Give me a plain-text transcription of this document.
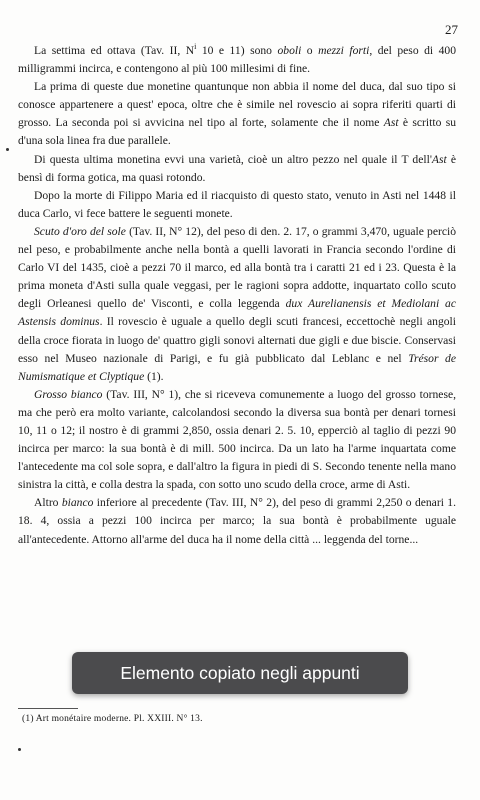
27

La settima ed ottava (Tav. II, $N^i$ 10 e 11) sono oboli o mezzi forti, del peso di 400 milligrammi incirca, e contengono al più 100 millesimi di fine.

La prima di queste due monetine quantunque non abbia il nome del duca, dal suo tipo si conosce appartenere a quest' epoca, oltre che è simile nel rovescio ai sopra riferiti quarti di grosso. La seconda poi si avvicina nel tipo al forte, solamente che il nome Ast è scritto su d'una sola linea fra due parallele.

Di questa ultima monetina evvi una varietà, cioè un altro pezzo nel quale il T dell'Ast è bensì di forma gotica, ma quasi rotondo.

Dopo la morte di Filippo Maria ed il riacquisto di questo stato, venuto in Asti nel 1448 il duca Carlo, vi fece battere le seguenti monete.

Scuto d'oro del sole (Tav. II, N° 12), del peso di den. 2. 17, o grammi 3,470, uguale perciò nel peso, e probabilmente anche nella bontà a quelli lavorati in Francia secondo l'ordine di Carlo VI del 1435, cioè a pezzi 70 il marco, ed alla bontà tra i caratti 21 ed i 23. Questa è la prima moneta d'Asti sulla quale veggasi, per le ragioni sopra addotte, inquartato collo scuto degli Orleanesi quello de' Visconti, e colla leggenda dux Aurelianensis et Mediolani ac Astensis dominus. Il rovescio è uguale a quello degli scuti francesi, eccettochè negli angoli della croce fiorata in luogo de' quattro gigli sonovi alternati due gigli e due biscie. Conservasi esso nel Museo nazionale di Parigi, e fu già pubblicato dal Leblanc e nel Trésor de Numismatique et Clyptique (1).

Grosso bianco (Tav. III, N° 1), che si riceveva comunemente a luogo del grosso tornese, ma che però era molto variante, calcolandosi secondo la diversa sua bontà per denari tornesi 10, 11 o 12; il nostro è di grammi 2,850, ossia denari 2. 5. 10, epperciò al taglio di pezzi 90 incirca per marco: la sua bontà è di mill. 500 incirca. Da un lato ha l'arme inquartata come l'antecedente ma col sole sopra, e dall'altro la figura in piedi di S. Secondo tenente nella mano sinistra la città, e colla destra la spada, con sotto uno scudo della croce, arme di Asti.

Altro bianco inferiore al precedente (Tav. III, N° 2), del peso di grammi 2,250 o denari 1. 18. 4, ossia a pezzi 100 incirca per marco; la sua bontà è probabilmente uguale all'antecedente. Attorno all'arme del duca ha il nome della città ... leggenda del torne...

(1) Art monétaire moderne. Pl. XXIII. N° 13.
Elemento copiato negli appunti
